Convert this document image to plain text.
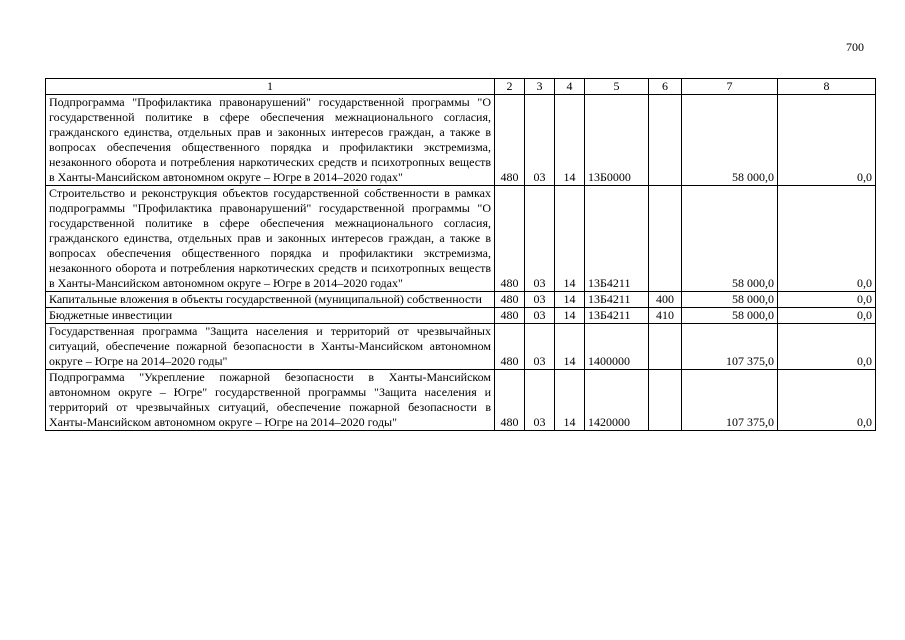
700
1	2	3	4	5	6	7	8
Подпрограмма "Профилактика правонарушений" государственной программы "О государственной политике в сфере обеспечения межнационального согласия, гражданского единства, отдельных прав и законных интересов граждан, а также в вопросах обеспечения общественного порядка и профилактики экстремизма, незаконного оборота и потребления наркотических средств и психотропных веществ в Ханты-Мансийском автономном округе – Югре в 2014–2020 годах"	480	03	14	13Б0000		58 000,0	0,0
Строительство и реконструкция объектов государственной собственности в рамках подпрограммы "Профилактика правонарушений" государственной программы "О государственной политике в сфере обеспечения межнационального согласия, гражданского единства, отдельных прав и законных интересов граждан, а также в вопросах обеспечения общественного порядка и профилактики экстремизма, незаконного оборота и потребления наркотических средств и психотропных веществ в Ханты-Мансийском автономном округе – Югре в 2014–2020 годах"	480	03	14	13Б4211		58 000,0	0,0
Капитальные вложения в объекты государственной (муниципальной) собственности	480	03	14	13Б4211	400	58 000,0	0,0
Бюджетные инвестиции	480	03	14	13Б4211	410	58 000,0	0,0
Государственная программа "Защита населения и территорий от чрезвычайных ситуаций, обеспечение пожарной безопасности в Ханты-Мансийском автономном округе – Югре на 2014–2020 годы"	480	03	14	1400000		107 375,0	0,0
Подпрограмма "Укрепление пожарной безопасности в Ханты-Мансийском автономном округе – Югре" государственной программы "Защита населения и территорий от чрезвычайных ситуаций, обеспечение пожарной безопасности в Ханты-Мансийском автономном округе – Югре на 2014–2020 годы"	480	03	14	1420000		107 375,0	0,0
